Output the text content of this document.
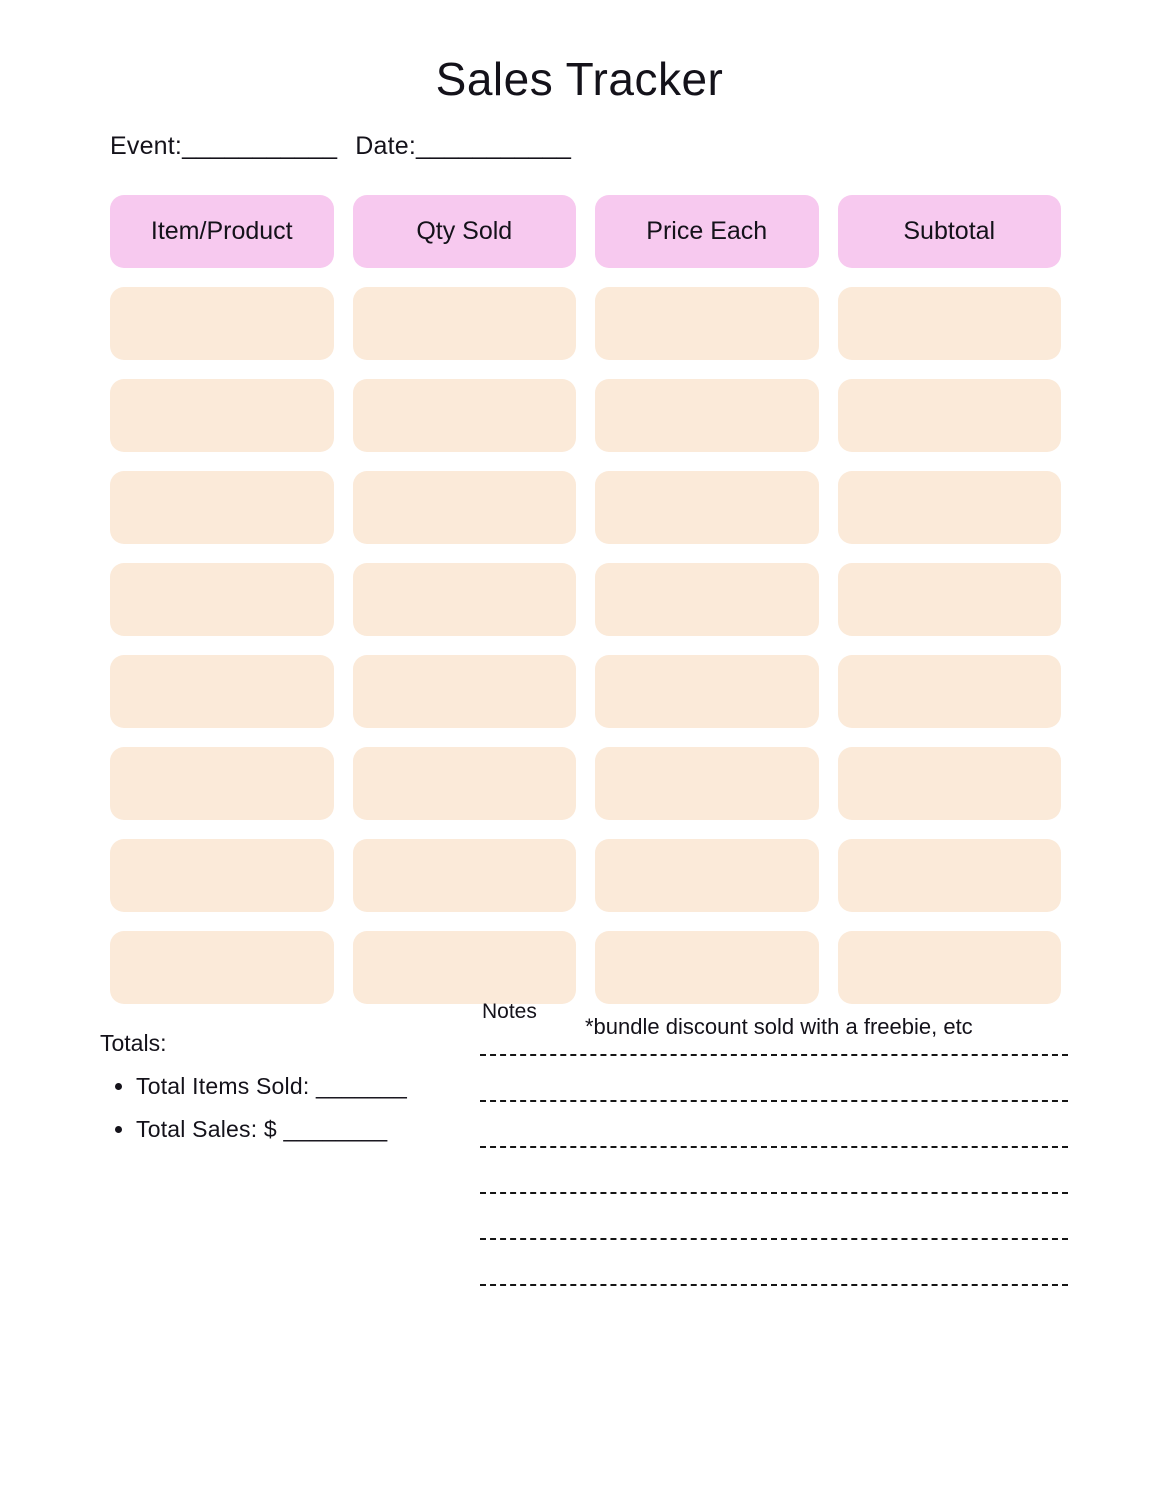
Sales Tracker
Event:___________ Date:___________
Item/Product	Qty Sold	Price Each	Subtotal
Totals:
• Total Items Sold: _______
• Total Sales: $ ________
Notes
*bundle discount sold with a freebie, etc
